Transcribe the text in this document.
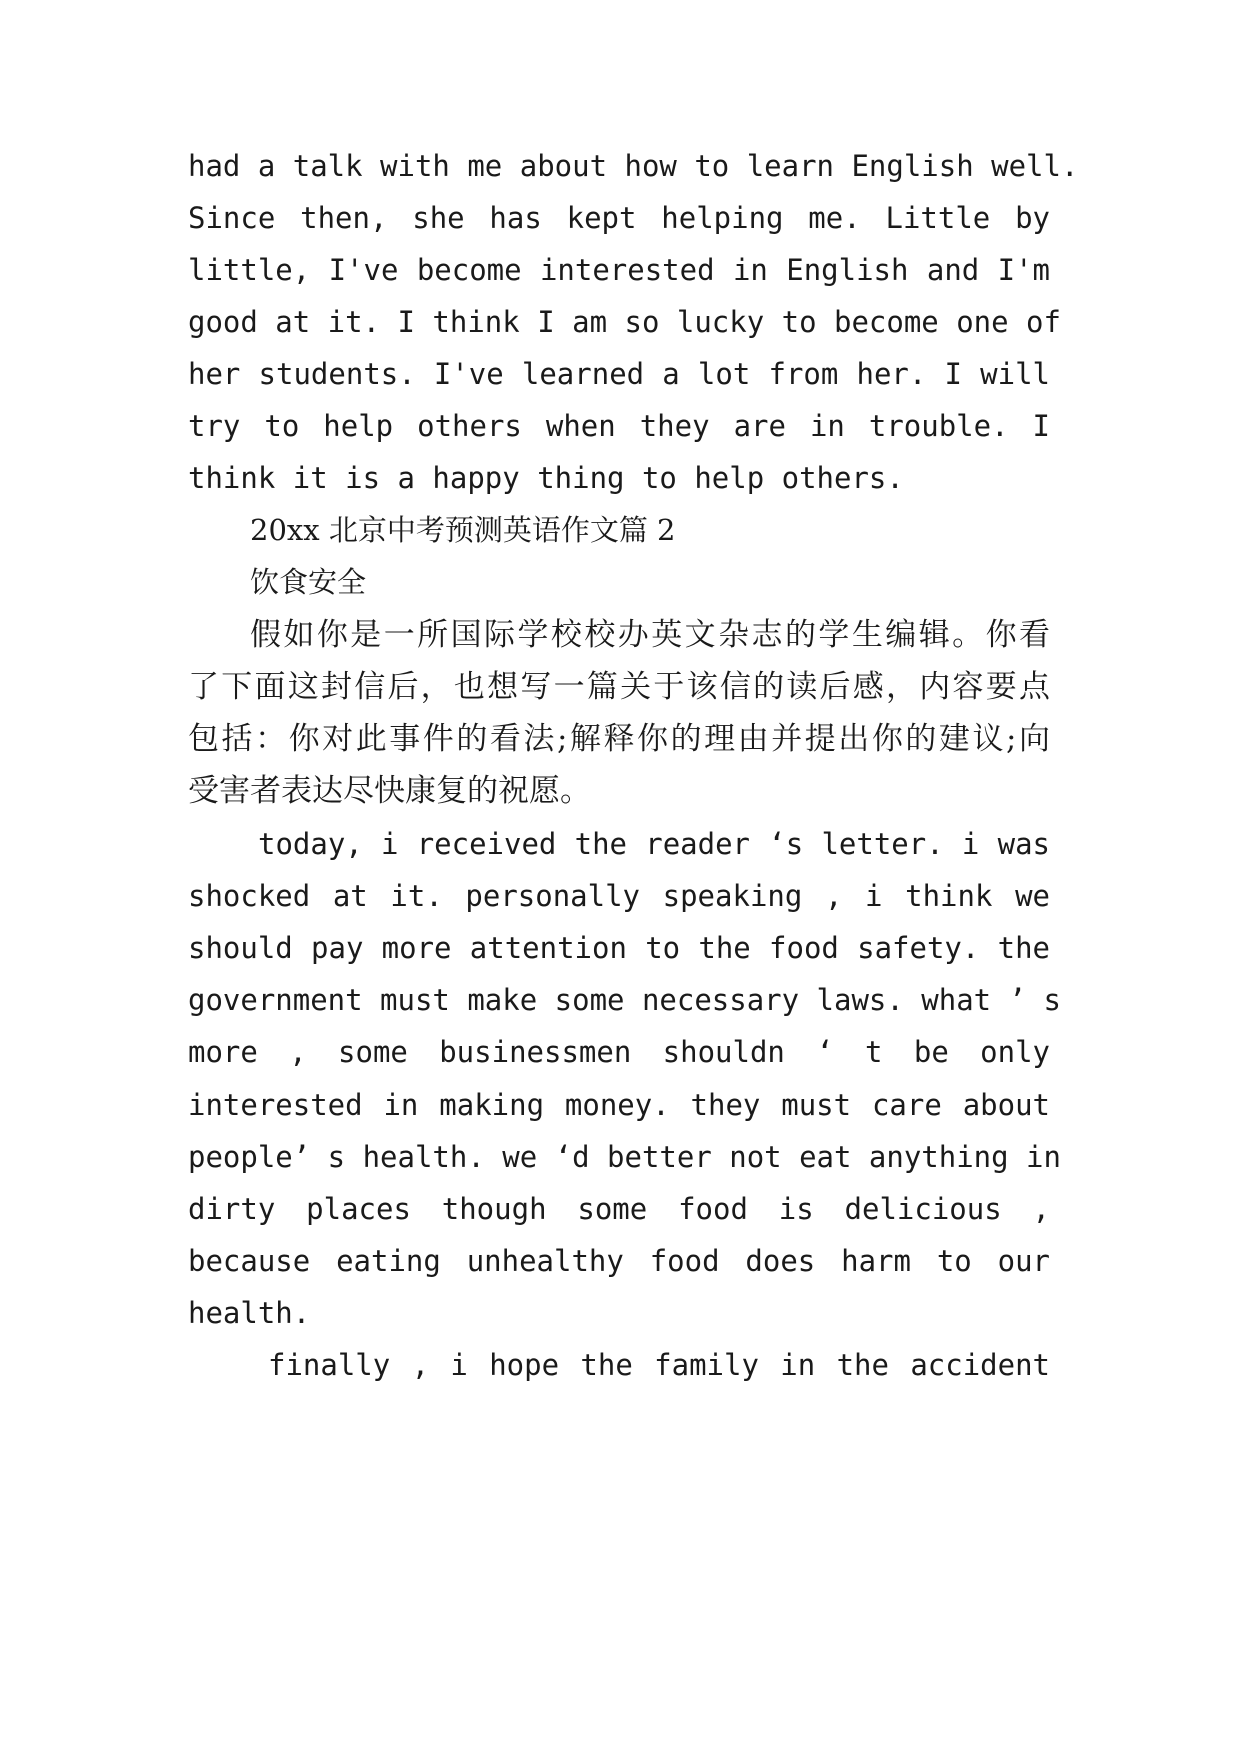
had a talk with me about how to learn English well.
Since then, she has kept helping me. Little by
little, I've become interested in English and I'm
good at it. I think I am so lucky to become one of
her students. I've learned a lot from her. I will
try to help others when they are in trouble. I
think it is a happy thing to help others.
20xx 北京中考预测英语作文篇 2
饮食安全
假如你是一所国际学校校办英文杂志的学生编辑。你看
了下面这封信后，也想写一篇关于该信的读后感，内容要点
包括：你对此事件的看法;解释你的理由并提出你的建议;向
受害者表达尽快康复的祝愿。
today, i received the reader ‘s letter. i was
shocked at it. personally speaking , i think we
should pay more attention to the food safety. the
government must make some necessary laws. what ’ s
more , some businessmen shouldn ‘ t be only
interested in making money. they must care about
people’ s health. we ‘d better not eat anything in
dirty places though some food is delicious ,
because eating unhealthy food does harm to our
health.
finally , i hope the family in the accident
